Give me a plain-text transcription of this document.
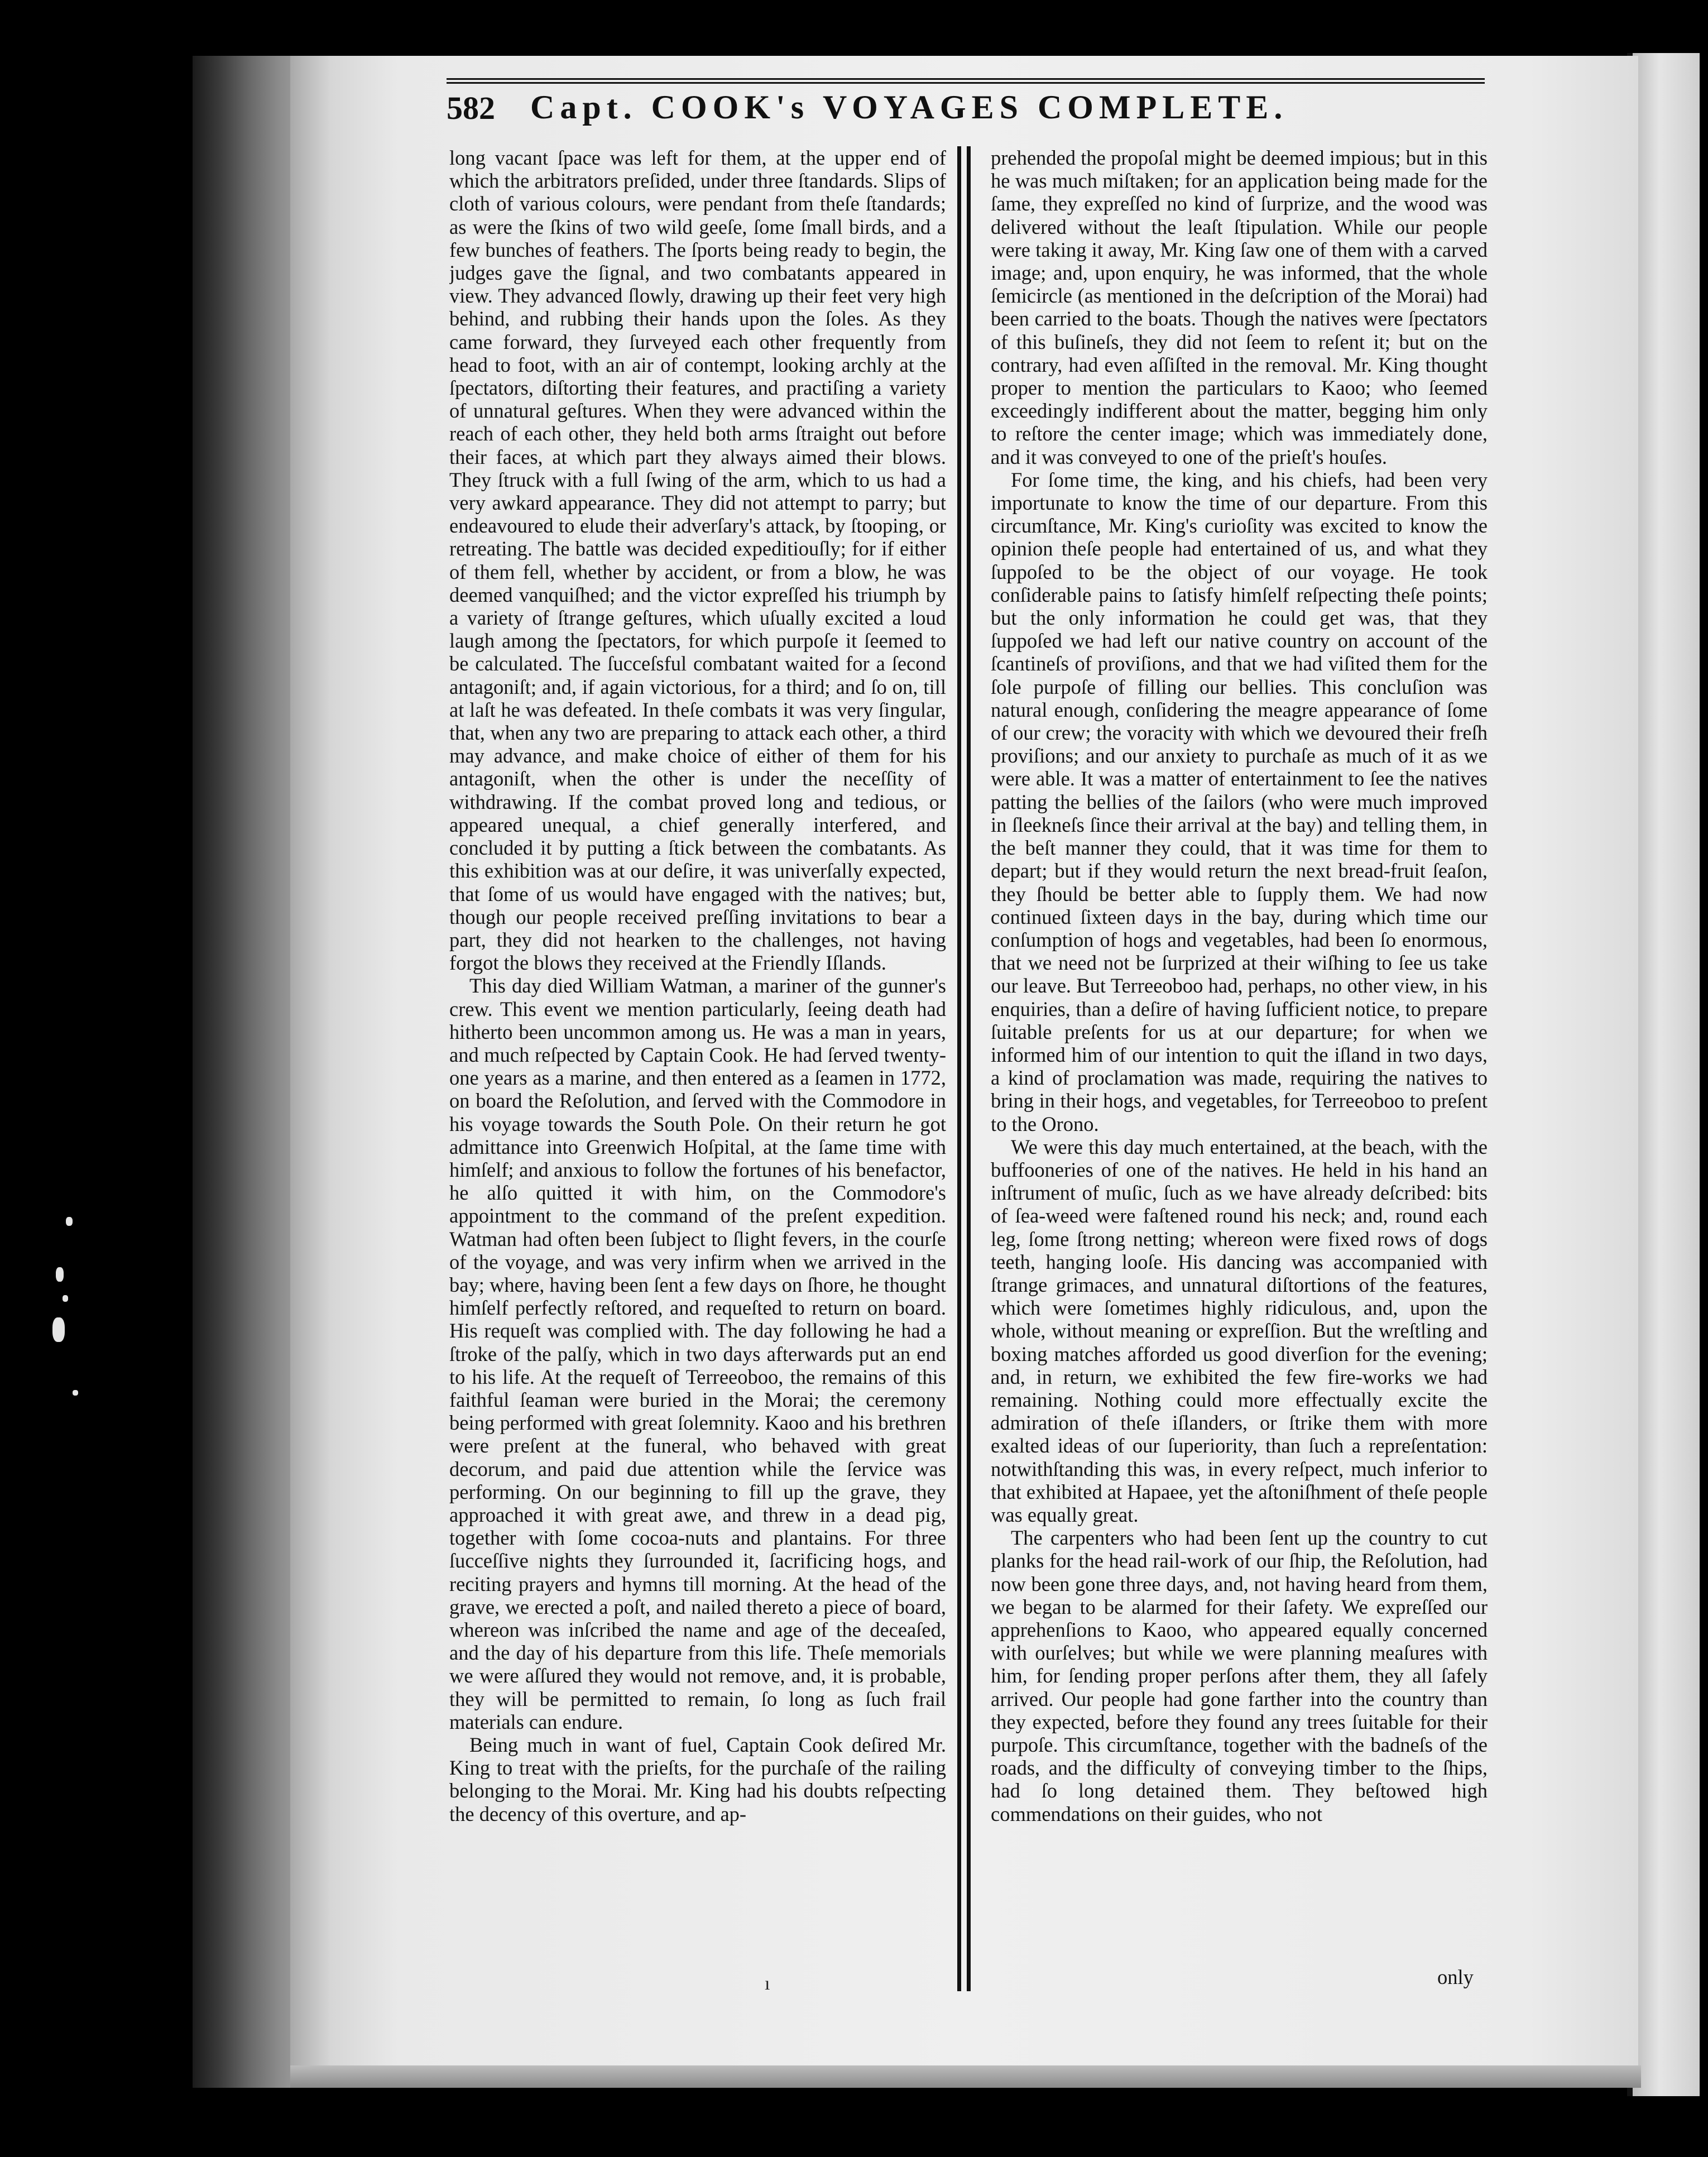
582 Capt. COOK's VOYAGES COMPLETE.

long vacant ſpace was left for them, at the upper end of which the arbitrators preſided, under three ſtandards. Slips of cloth of various colours, were pendant from theſe ſtandards; as were the ſkins of two wild geeſe, ſome ſmall birds, and a few bunches of feathers. The ſports being ready to begin, the judges gave the ſignal, and two combatants appeared in view. They advanced ſlowly, drawing up their feet very high behind, and rubbing their hands upon the ſoles. As they came forward, they ſurveyed each other frequently from head to foot, with an air of contempt, looking archly at the ſpectators, diſtorting their features, and practiſing a variety of unnatural geſtures. When they were advanced within the reach of each other, they held both arms ſtraight out before their faces, at which part they always aimed their blows. They ſtruck with a full ſwing of the arm, which to us had a very awkard appearance. They did not attempt to parry; but endeavoured to elude their adverſary's attack, by ſtooping, or retreating. The battle was decided expeditiouſly; for if either of them fell, whether by accident, or from a blow, he was deemed vanquiſhed; and the victor expreſſed his triumph by a variety of ſtrange geſtures, which uſually excited a loud laugh among the ſpectators, for which purpoſe it ſeemed to be calculated. The ſucceſsful combatant waited for a ſecond antagoniſt; and, if again victorious, for a third; and ſo on, till at laſt he was defeated. In theſe combats it was very ſingular, that, when any two are preparing to attack each other, a third may advance, and make choice of either of them for his antagoniſt, when the other is under the neceſſity of withdrawing. If the combat proved long and tedious, or appeared unequal, a chief generally interfered, and concluded it by putting a ſtick between the combatants. As this exhibition was at our deſire, it was univerſally expected, that ſome of us would have engaged with the natives; but, though our people received preſſing invitations to bear a part, they did not hearken to the challenges, not having forgot the blows they received at the Friendly Iſlands.

This day died William Watman, a mariner of the gunner's crew. This event we mention particularly, ſeeing death had hitherto been uncommon among us. He was a man in years, and much reſpected by Captain Cook. He had ſerved twenty-one years as a marine, and then entered as a ſeamen in 1772, on board the Reſolution, and ſerved with the Commodore in his voyage towards the South Pole. On their return he got admittance into Greenwich Hoſpital, at the ſame time with himſelf; and anxious to follow the fortunes of his benefactor, he alſo quitted it with him, on the Commodore's appointment to the command of the preſent expedition. Watman had often been ſubject to ſlight fevers, in the courſe of the voyage, and was very infirm when we arrived in the bay; where, having been ſent a few days on ſhore, he thought himſelf perfectly reſtored, and requeſted to return on board. His requeſt was complied with. The day following he had a ſtroke of the palſy, which in two days afterwards put an end to his life. At the requeſt of Terreeoboo, the remains of this faithful ſeaman were buried in the Morai; the ceremony being performed with great ſolemnity. Kaoo and his brethren were preſent at the funeral, who behaved with great decorum, and paid due attention while the ſervice was performing. On our beginning to fill up the grave, they approached it with great awe, and threw in a dead pig, together with ſome cocoa-nuts and plantains. For three ſucceſſive nights they ſurrounded it, ſacrificing hogs, and reciting prayers and hymns till morning. At the head of the grave, we erected a poſt, and nailed thereto a piece of board, whereon was inſcribed the name and age of the deceaſed, and the day of his departure from this life. Theſe memorials we were aſſured they would not remove, and, it is probable, they will be permitted to remain, ſo long as ſuch frail materials can endure.

Being much in want of fuel, Captain Cook deſired Mr. King to treat with the prieſts, for the purchaſe of the railing belonging to the Morai. Mr. King had his doubts reſpecting the decency of this overture, and ap-

prehended the propoſal might be deemed impious; but in this he was much miſtaken; for an application being made for the ſame, they expreſſed no kind of ſurprize, and the wood was delivered without the leaſt ſtipulation. While our people were taking it away, Mr. King ſaw one of them with a carved image; and, upon enquiry, he was informed, that the whole ſemicircle (as mentioned in the deſcription of the Morai) had been carried to the boats. Though the natives were ſpectators of this buſineſs, they did not ſeem to reſent it; but on the contrary, had even aſſiſted in the removal. Mr. King thought proper to mention the particulars to Kaoo; who ſeemed exceedingly indifferent about the matter, begging him only to reſtore the center image; which was immediately done, and it was conveyed to one of the prieſt's houſes.

For ſome time, the king, and his chiefs, had been very importunate to know the time of our departure. From this circumſtance, Mr. King's curioſity was excited to know the opinion theſe people had entertained of us, and what they ſuppoſed to be the object of our voyage. He took conſiderable pains to ſatisfy himſelf reſpecting theſe points; but the only information he could get was, that they ſuppoſed we had left our native country on account of the ſcantineſs of proviſions, and that we had viſited them for the ſole purpoſe of filling our bellies. This concluſion was natural enough, conſidering the meagre appearance of ſome of our crew; the voracity with which we devoured their freſh proviſions; and our anxiety to purchaſe as much of it as we were able. It was a matter of entertainment to ſee the natives patting the bellies of the ſailors (who were much improved in ſleekneſs ſince their arrival at the bay) and telling them, in the beſt manner they could, that it was time for them to depart; but if they would return the next bread-fruit ſeaſon, they ſhould be better able to ſupply them. We had now continued ſixteen days in the bay, during which time our conſumption of hogs and vegetables, had been ſo enormous, that we need not be ſurprized at their wiſhing to ſee us take our leave. But Terreeoboo had, perhaps, no other view, in his enquiries, than a deſire of having ſufficient notice, to prepare ſuitable preſents for us at our departure; for when we informed him of our intention to quit the iſland in two days, a kind of proclamation was made, requiring the natives to bring in their hogs, and vegetables, for Terreeoboo to preſent to the Orono.

We were this day much entertained, at the beach, with the buffooneries of one of the natives. He held in his hand an inſtrument of muſic, ſuch as we have already deſcribed: bits of ſea-weed were faſtened round his neck; and, round each leg, ſome ſtrong netting; whereon were fixed rows of dogs teeth, hanging looſe. His dancing was accompanied with ſtrange grimaces, and unnatural diſtortions of the features, which were ſometimes highly ridiculous, and, upon the whole, without meaning or expreſſion. But the wreſtling and boxing matches afforded us good diverſion for the evening; and, in return, we exhibited the few fire-works we had remaining. Nothing could more effectually excite the admiration of theſe iſlanders, or ſtrike them with more exalted ideas of our ſuperiority, than ſuch a repreſentation: notwithſtanding this was, in every reſpect, much inferior to that exhibited at Hapaee, yet the aſtoniſhment of theſe people was equally great.

The carpenters who had been ſent up the country to cut planks for the head rail-work of our ſhip, the Reſolution, had now been gone three days, and, not having heard from them, we began to be alarmed for their ſafety. We expreſſed our apprehenſions to Kaoo, who appeared equally concerned with ourſelves; but while we were planning meaſures with him, for ſending proper perſons after them, they all ſafely arrived. Our people had gone farther into the country than they expected, before they found any trees ſuitable for their purpoſe. This circumſtance, together with the badneſs of the roads, and the difficulty of conveying timber to the ſhips, had ſo long detained them. They beſtowed high commendations on their guides, who not

ı	only
